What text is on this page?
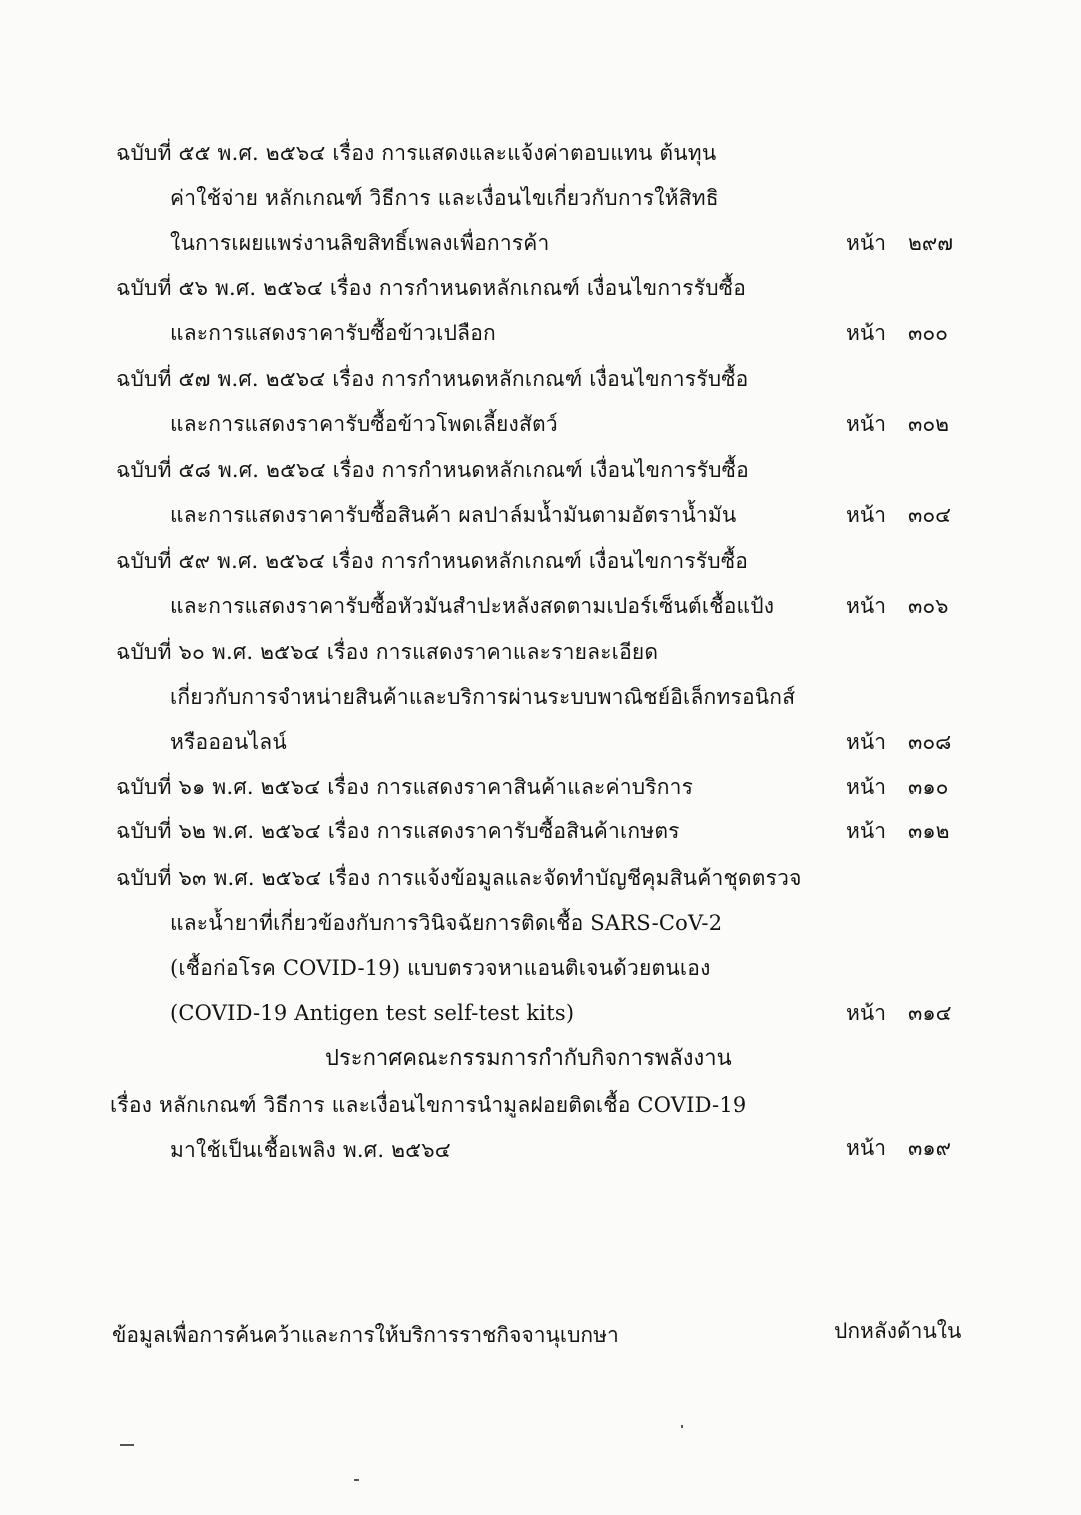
ฉบับที่ ๕๕ พ.ศ. ๒๕๖๔ เรื่อง การแสดงและแจ้งค่าตอบแทน ต้นทุน
ค่าใช้จ่าย หลักเกณฑ์ วิธีการ และเงื่อนไขเกี่ยวกับการให้สิทธิ
ในการเผยแพร่งานลิขสิทธิ์เพลงเพื่อการค้า	หน้า ๒๙๗
ฉบับที่ ๕๖ พ.ศ. ๒๕๖๔ เรื่อง การกำหนดหลักเกณฑ์ เงื่อนไขการรับซื้อ
และการแสดงราคารับซื้อข้าวเปลือก	หน้า ๓๐๐
ฉบับที่ ๕๗ พ.ศ. ๒๕๖๔ เรื่อง การกำหนดหลักเกณฑ์ เงื่อนไขการรับซื้อ
และการแสดงราคารับซื้อข้าวโพดเลี้ยงสัตว์	หน้า ๓๐๒
ฉบับที่ ๕๘ พ.ศ. ๒๕๖๔ เรื่อง การกำหนดหลักเกณฑ์ เงื่อนไขการรับซื้อ
และการแสดงราคารับซื้อสินค้า ผลปาล์มน้ำมันตามอัตราน้ำมัน	หน้า ๓๐๔
ฉบับที่ ๕๙ พ.ศ. ๒๕๖๔ เรื่อง การกำหนดหลักเกณฑ์ เงื่อนไขการรับซื้อ
และการแสดงราคารับซื้อหัวมันสำปะหลังสดตามเปอร์เซ็นต์เชื้อแป้ง	หน้า ๓๐๖
ฉบับที่ ๖๐ พ.ศ. ๒๕๖๔ เรื่อง การแสดงราคาและรายละเอียด
เกี่ยวกับการจำหน่ายสินค้าและบริการผ่านระบบพาณิชย์อิเล็กทรอนิกส์
หรือออนไลน์	หน้า ๓๐๘
ฉบับที่ ๖๑ พ.ศ. ๒๕๖๔ เรื่อง การแสดงราคาสินค้าและค่าบริการ	หน้า ๓๑๐
ฉบับที่ ๖๒ พ.ศ. ๒๕๖๔ เรื่อง การแสดงราคารับซื้อสินค้าเกษตร	หน้า ๓๑๒
ฉบับที่ ๖๓ พ.ศ. ๒๕๖๔ เรื่อง การแจ้งข้อมูลและจัดทำบัญชีคุมสินค้าชุดตรวจ
และน้ำยาที่เกี่ยวข้องกับการวินิจฉัยการติดเชื้อ SARS-CoV-2
(เชื้อก่อโรค COVID-19) แบบตรวจหาแอนติเจนด้วยตนเอง
(COVID-19 Antigen test self-test kits)	หน้า ๓๑๔
ประกาศคณะกรรมการกำกับกิจการพลังงาน
เรื่อง หลักเกณฑ์ วิธีการ และเงื่อนไขการนำมูลฝอยติดเชื้อ COVID-19
มาใช้เป็นเชื้อเพลิง พ.ศ. ๒๕๖๔	หน้า ๓๑๙
ข้อมูลเพื่อการค้นคว้าและการให้บริการราชกิจจานุเบกษา	ปกหลังด้านใน
